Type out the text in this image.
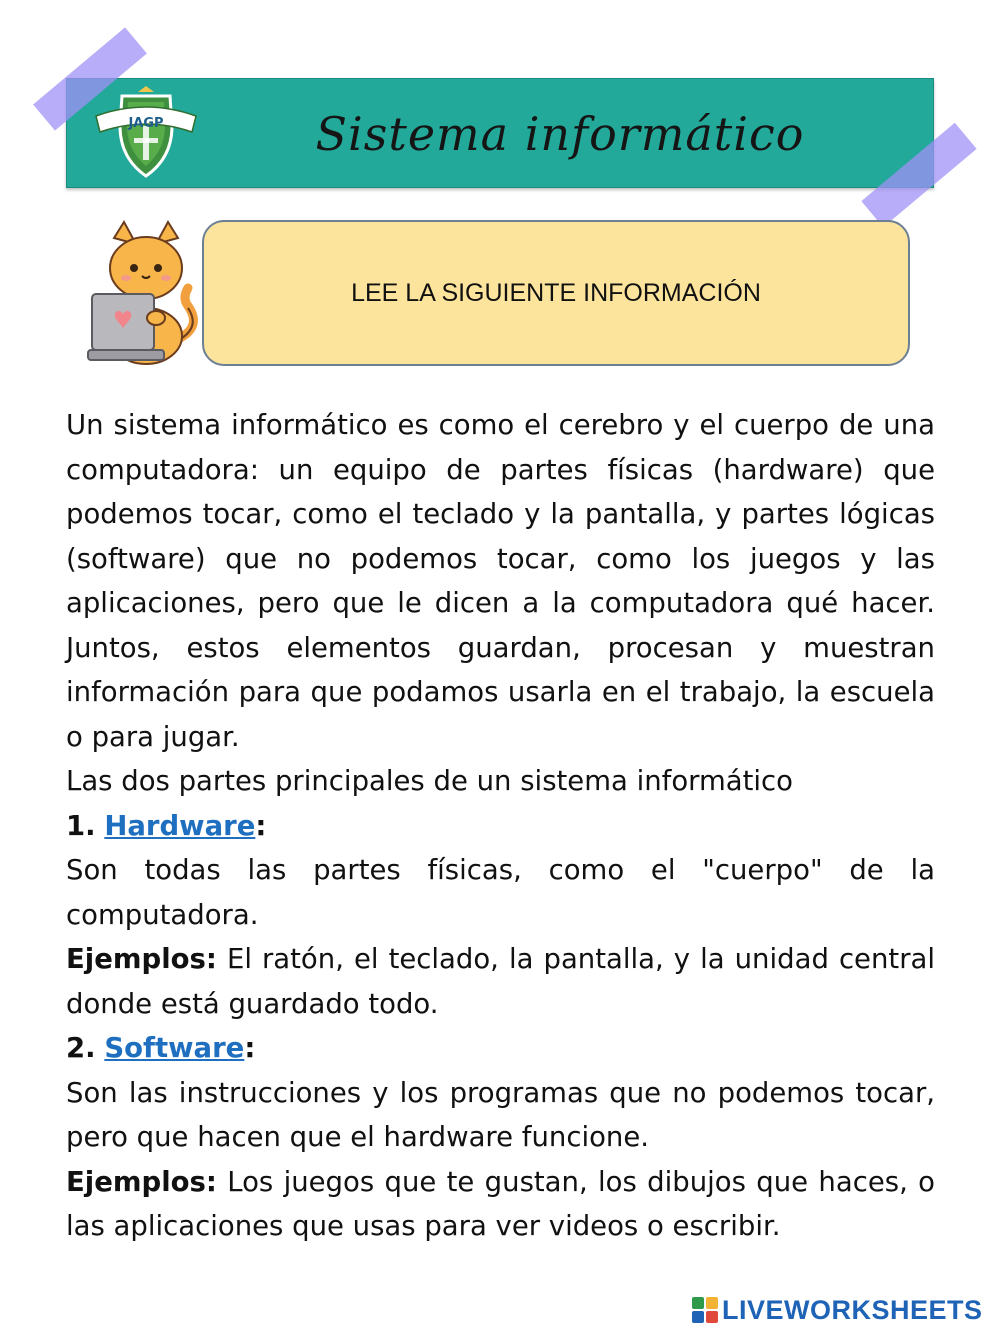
Sistema informático
JAGP
LEE LA SIGUIENTE INFORMACIÓN

Un sistema informático es como el cerebro y el cuerpo de una computadora: un equipo de partes físicas (hardware) que podemos tocar, como el teclado y la pantalla, y partes lógicas (software) que no podemos tocar, como los juegos y las aplicaciones, pero que le dicen a la computadora qué hacer. Juntos, estos elementos guardan, procesan y muestran información para que podamos usarla en el trabajo, la escuela o para jugar.

Las dos partes principales de un sistema informático

1. Hardware:

Son todas las partes físicas, como el "cuerpo" de la computadora.

Ejemplos: El ratón, el teclado, la pantalla, y la unidad central donde está guardado todo.

2. Software:

Son las instrucciones y los programas que no podemos tocar, pero que hacen que el hardware funcione.

Ejemplos: Los juegos que te gustan, los dibujos que haces, o las aplicaciones que usas para ver videos o escribir.

LIVEWORKSHEETS
